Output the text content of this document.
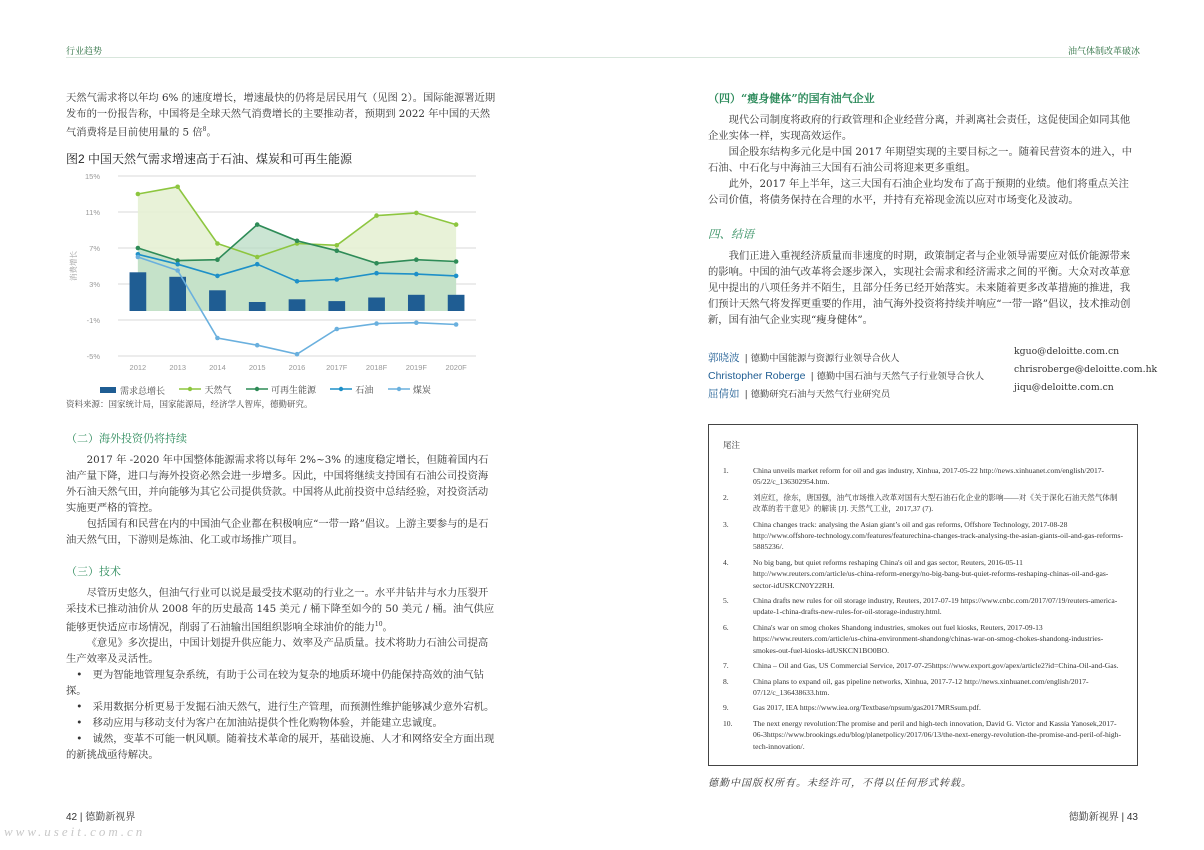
行业趋势	油气体制改革破冰

天然气需求将以年均 6% 的速度增长，增速最快的仍将是居民用气（见图 2）。国际能源署近期发布的一份报告称，中国将是全球天然气消费增长的主要推动者，预期到 2022 年中国的天然气消费将是目前使用量的 5 倍$^8$。

图2 中国天然气需求增速高于石油、煤炭和可再生能源
15%
11%
7%
3%
-1%
-5%
消费增长
2012	2013	2014	2015	2016	2017F 2018F 2019F 2020F
需求总增长
	天然气
	可再生能源
	石油
	煤炭
资料来源：国家统计局，国家能源局，经济学人智库，德勤研究。

（二）海外投资仍将持续

2017 年 -2020 年中国整体能源需求将以每年 2%~3% 的速度稳定增长，但随着国内石油产量下降，进口与海外投资必然会进一步增多。因此，中国将继续支持国有石油公司投资海外石油天然气田，并向能够为其它公司提供贷款。中国将从此前投资中总结经验，对投资活动实施更严格的管控。

包括国有和民营在内的中国油气企业都在积极响应“一带一路”倡议。上游主要参与的是石油天然气田，下游则是炼油、化工或市场推广项目。

（三）技术

尽管历史悠久，但油气行业可以说是最受技术驱动的行业之一。水平井钻井与水力压裂开采技术已推动油价从 2008 年的历史最高 145 美元 / 桶下降至如今的 50 美元 / 桶。油气供应能够更快适应市场情况，削弱了石油输出国组织影响全球油价的能力$^{10}$。

《意见》多次提出，中国计划提升供应能力、效率及产品质量。技术将助力石油公司提高生产效率及灵活性。

•　更为智能地管理复杂系统，有助于公司在较为复杂的地质环境中仍能保持高效的油气钻探。

•　采用数据分析更易于发掘石油天然气，进行生产管理，而预测性维护能够减少意外宕机。

•　移动应用与移动支付为客户在加油站提供个性化购物体验，并能建立忠诚度。

•　诚然，变革不可能一帆风顺。随着技术革命的展开，基础设施、人才和网络安全方面出现的新挑战亟待解决。

42 | 德勤新视界
www.useit.com.cn

（四）“瘦身健体”的国有油气企业

现代公司制度将政府的行政管理和企业经营分离，并剥离社会责任，这促使国企如同其他企业实体一样，实现高效运作。

国企股东结构多元化是中国 2017 年期望实现的主要目标之一。随着民营资本的进入，中石油、中石化与中海油三大国有石油公司将迎来更多重组。

此外，2017 年上半年，这三大国有石油企业均发布了高于预期的业绩。他们将重点关注公司价值，将债务保持在合理的水平，并持有充裕现金流以应对市场变化及波动。

四、结语

我们正进入重视经济质量而非速度的时期，政策制定者与企业领导需要应对低价能源带来的影响。中国的油气改革将会逐步深入，实现社会需求和经济需求之间的平衡。大众对改革意见中提出的八项任务并不陌生，且部分任务已经开始落实。未来随着更多改革措施的推进，我们预计天然气将发挥更重要的作用，油气海外投资将持续并响应“一带一路”倡议，技术推动创新，国有油气企业实现“瘦身健体”。

郭晓波 | 德勤中国能源与资源行业领导合伙人
kguo@deloitte.com.cn
Christopher Roberge | 德勤中国石油与天然气子行业领导合伙人
chrisroberge@deloitte.com.hk
屈倩如 | 德勤研究石油与天然气行业研究员
jiqu@deloitte.com.cn
尾注
1.	China unveils market reform for oil and gas industry, Xinhua, 2017-05-22 http://news.xinhuanet.com/english/2017-05/22/c_136302954.htm.
2.	刘应红，徐东，唐国强，油气市场推入改革对国有大型石油石化企业的影响——对《关于深化石油天然气体制改革的若干意见》的解读 [J]. 天然气工业，2017,37 (7).
3.	China changes track: analysing the Asian giant’s oil and gas reforms, Offshore Technology, 2017-08-28 http://www.offshore-technology.com/features/featurechina-changes-track-analysing-the-asian-giants-oil-and-gas-reforms-5885236/.
4.	No big bang, but quiet reforms reshaping China's oil and gas sector, Reuters, 2016-05-11 http://www.reuters.com/article/us-china-reform-energy/no-big-bang-but-quiet-reforms-reshaping-chinas-oil-and-gas-sector-idUSKCN0Y22RH.
5.	China drafts new rules for oil storage industry, Reuters, 2017-07-19 https://www.cnbc.com/2017/07/19/reuters-america-update-1-china-drafts-new-rules-for-oil-storage-industry.html.
6.	China's war on smog chokes Shandong industries, smokes out fuel kiosks, Reuters, 2017-09-13 https://www.reuters.com/article/us-china-environment-shandong/chinas-war-on-smog-chokes-shandong-industries-smokes-out-fuel-kiosks-idUSKCN1BO0BO.
7.	China – Oil and Gas, US Commercial Service, 2017-07-25https://www.export.gov/apex/article2?id=China-Oil-and-Gas.
8.	China plans to expand oil, gas pipeline networks, Xinhua, 2017-7-12 http://news.xinhuanet.com/english/2017-07/12/c_136438633.htm.
9.	Gas 2017, IEA https://www.iea.org/Textbase/npsum/gas2017MRSsum.pdf.
10.	The next energy revolution:The promise and peril and high-tech innovation, David G. Victor and Kassia Yanosek,2017-06-3https://www.brookings.edu/blog/planetpolicy/2017/06/13/the-next-energy-revolution-the-promise-and-peril-of-high-tech-innovation/.
德勤中国版权所有。未经许可，不得以任何形式转载。
德勤新视界 | 43
